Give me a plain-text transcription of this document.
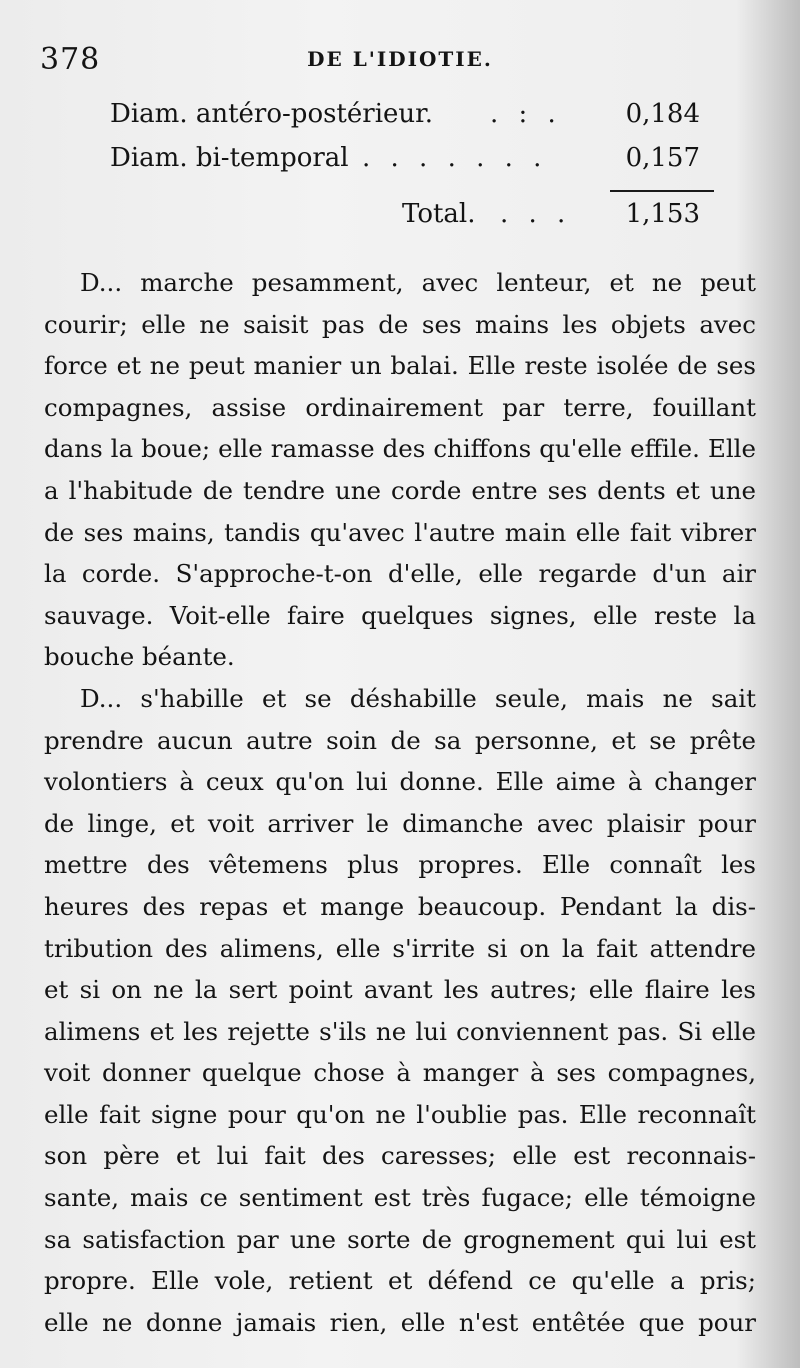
378	DE L'IDIOTIE.
Diam. antéro-postérieur. . : . 0,184
Diam. bi-temporal . . . . . . .	0,157
Total. . . . 1,153
D... marche pesamment, avec lenteur, et ne peut
courir; elle ne saisit pas de ses mains les objets avec
force et ne peut manier un balai. Elle reste isolée de ses
compagnes, assise ordinairement par terre, fouillant
dans la boue; elle ramasse des chiffons qu'elle effile. Elle
a l'habitude de tendre une corde entre ses dents et une
de ses mains, tandis qu'avec l'autre main elle fait vibrer
la corde. S'approche-t-on d'elle, elle regarde d'un air
sauvage. Voit-elle faire quelques signes, elle reste la
bouche béante.
D... s'habille et se déshabille seule, mais ne sait
prendre aucun autre soin de sa personne, et se prête
volontiers à ceux qu'on lui donne. Elle aime à changer
de linge, et voit arriver le dimanche avec plaisir pour
mettre des vêtemens plus propres. Elle connaît les
heures des repas et mange beaucoup. Pendant la dis-
tribution des alimens, elle s'irrite si on la fait attendre
et si on ne la sert point avant les autres; elle flaire les
alimens et les rejette s'ils ne lui conviennent pas. Si elle
voit donner quelque chose à manger à ses compagnes,
elle fait signe pour qu'on ne l'oublie pas. Elle reconnaît
son père et lui fait des caresses; elle est reconnais-
sante, mais ce sentiment est très fugace; elle témoigne
sa satisfaction par une sorte de grognement qui lui est
propre. Elle vole, retient et défend ce qu'elle a pris;
elle ne donne jamais rien, elle n'est entêtée que pour
